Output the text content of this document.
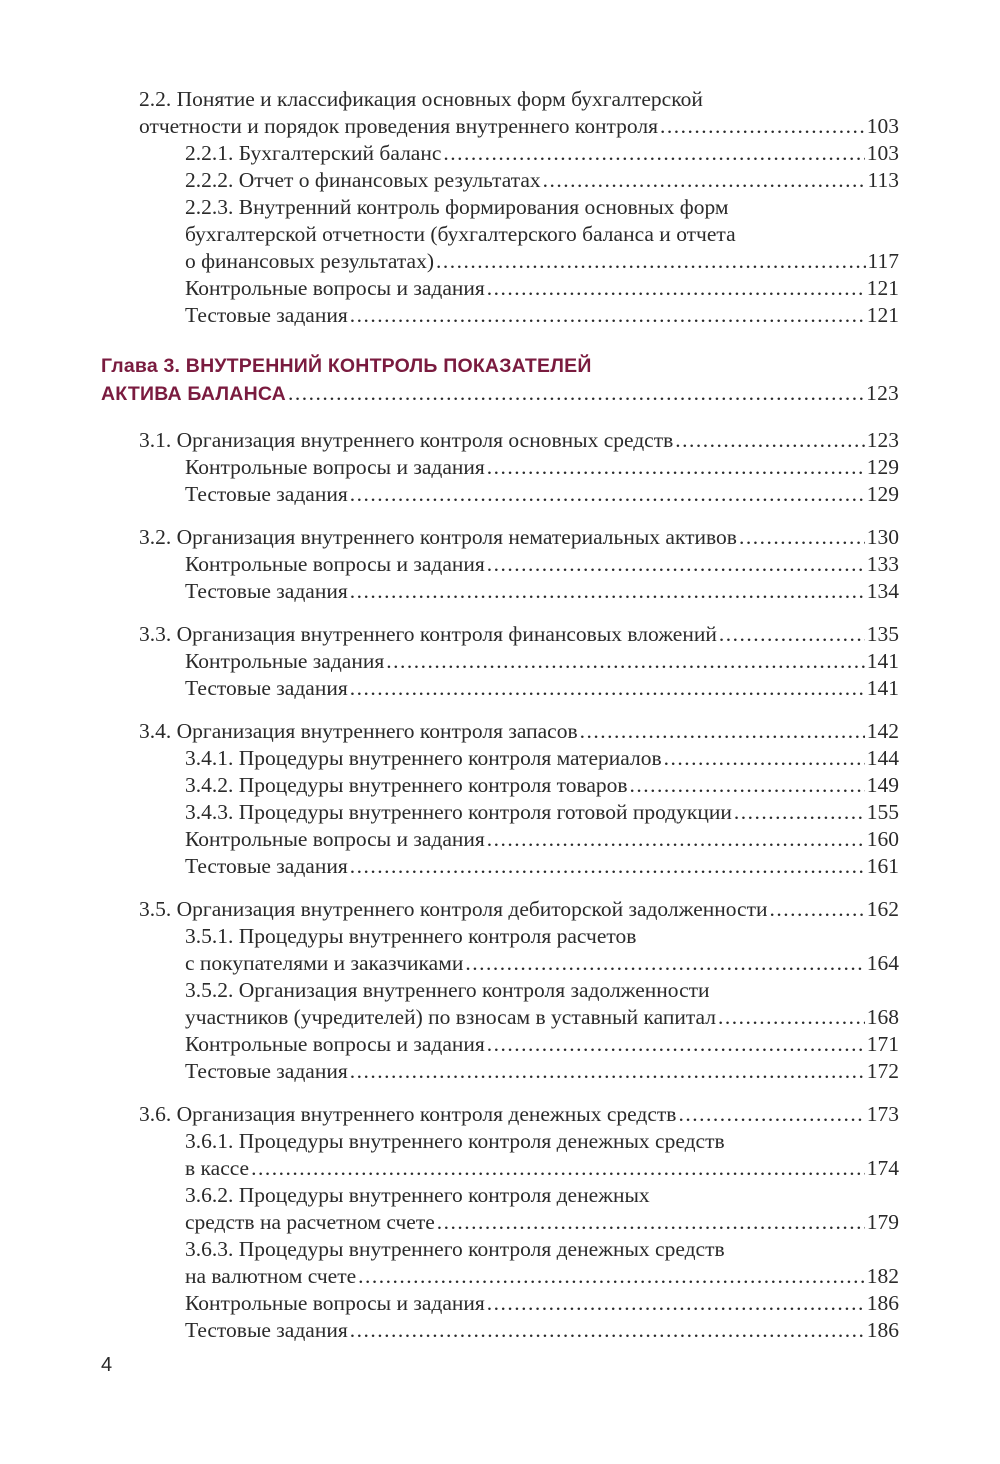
2.2. Понятие и классификация основных форм бухгалтерской
отчетности и порядок проведения внутреннего контроля .....	103
2.2.1. Бухгалтерский баланс .....	103
2.2.2. Отчет о финансовых результатах .....	113
2.2.3. Внутренний контроль формирования основных форм
бухгалтерской отчетности (бухгалтерского баланса и отчета
о финансовых результатах) .....	117
Контрольные вопросы и задания .....	121
Тестовые задания .....	121
Глава 3. ВНУТРЕННИЙ КОНТРОЛЬ ПОКАЗАТЕЛЕЙ
АКТИВА БАЛАНСА .....	123
3.1. Организация внутреннего контроля основных средств .....	123
Контрольные вопросы и задания .....	129
Тестовые задания .....	129
3.2. Организация внутреннего контроля нематериальных активов .....	130
Контрольные вопросы и задания .....	133
Тестовые задания .....	134
3.3. Организация внутреннего контроля финансовых вложений .....	135
Контрольные задания .....	141
Тестовые задания .....	141
3.4. Организация внутреннего контроля запасов .....	142
3.4.1. Процедуры внутреннего контроля материалов .....	144
3.4.2. Процедуры внутреннего контроля товаров .....	149
3.4.3. Процедуры внутреннего контроля готовой продукции .....	155
Контрольные вопросы и задания .....	160
Тестовые задания .....	161
3.5. Организация внутреннего контроля дебиторской задолженности .....	162
3.5.1. Процедуры внутреннего контроля расчетов
с покупателями и заказчиками .....	164
3.5.2. Организация внутреннего контроля задолженности
участников (учредителей) по взносам в уставный капитал .....	168
Контрольные вопросы и задания .....	171
Тестовые задания .....	172
3.6. Организация внутреннего контроля денежных средств .....	173
3.6.1. Процедуры внутреннего контроля денежных средств
в кассе .....	174
3.6.2. Процедуры внутреннего контроля денежных
средств на расчетном счете .....	179
3.6.3. Процедуры внутреннего контроля денежных средств
на валютном счете .....	182
Контрольные вопросы и задания .....	186
Тестовые задания .....	186
4
